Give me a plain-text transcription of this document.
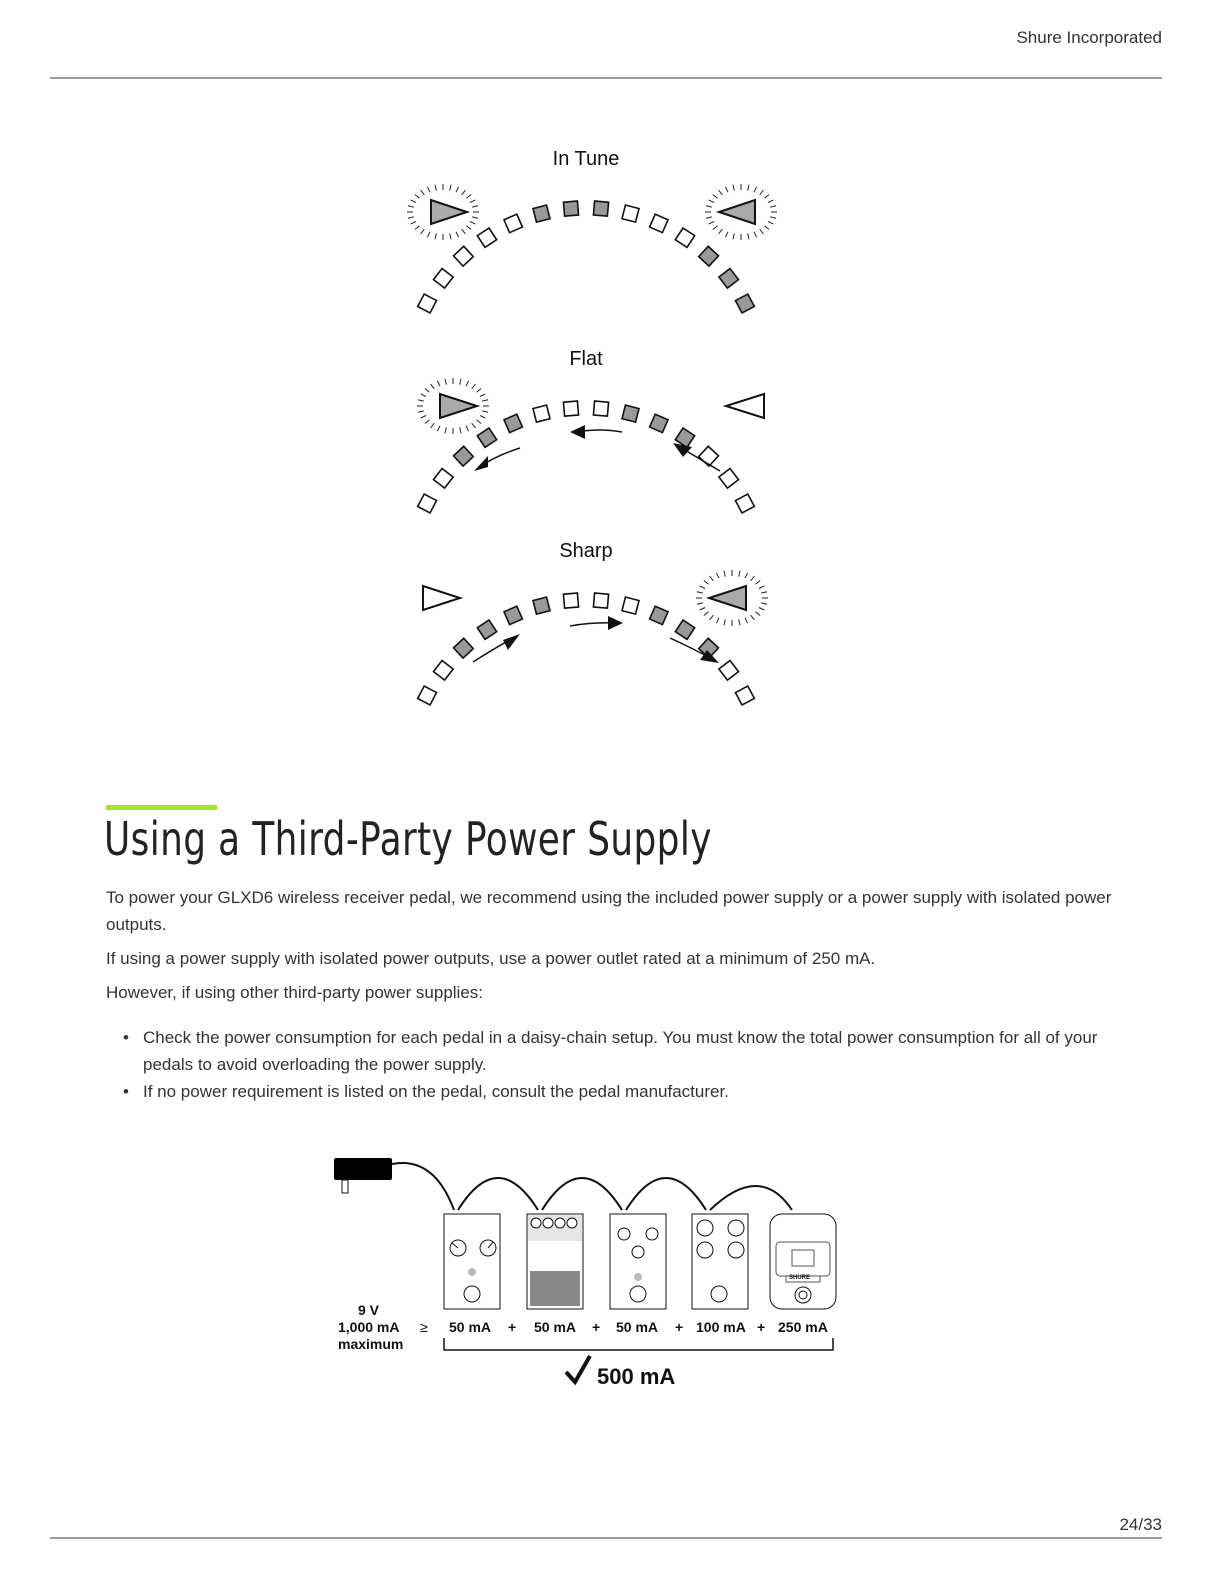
Shure Incorporated
In Tune
Flat
Sharp
Using a Third-Party Power Supply

To power your GLXD6 wireless receiver pedal, we recommend using the included power supply or a power supply with isolated power outputs.

If using a power supply with isolated power outputs, use a power outlet rated at a minimum of 250 mA.

However, if using other third-party power supplies:

• Check the power consumption for each pedal in a daisy-chain setup. You must know the total power consumption for all of your pedals to avoid overloading the power supply.
• If no power requirement is listed on the pedal, consult the pedal manufacturer.
9 V
1,000 mA
maximum
≥ 50 mA + 50 mA + 50 mA + 100 mA + 250 mA
SHURE
500 mA
24/33
